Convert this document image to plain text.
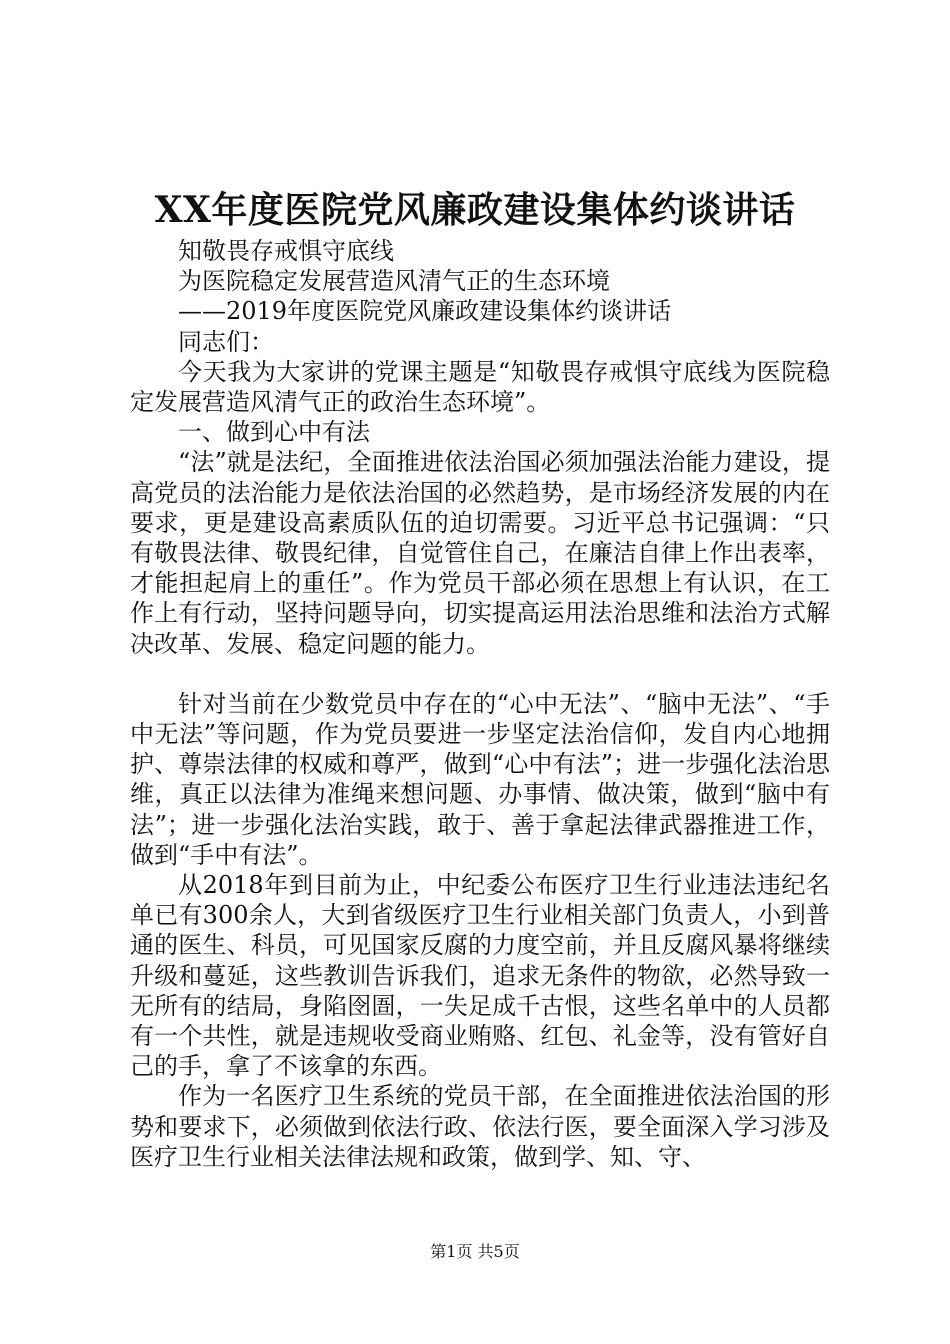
XX年度医院党风廉政建设集体约谈讲话

知敬畏存戒惧守底线

为医院稳定发展营造风清气正的生态环境

——2019年度医院党风廉政建设集体约谈讲话

同志们：

今天我为大家讲的党课主题是“知敬畏存戒惧守底线为医院稳定发展营造风清气正的政治生态环境”。

一、做到心中有法

“法”就是法纪，全面推进依法治国必须加强法治能力建设，提高党员的法治能力是依法治国的必然趋势，是市场经济发展的内在要求，更是建设高素质队伍的迫切需要。习近平总书记强调：“只有敬畏法律、敬畏纪律，自觉管住自己，在廉洁自律上作出表率，才能担起肩上的重任”。作为党员干部必须在思想上有认识，在工作上有行动，坚持问题导向，切实提高运用法治思维和法治方式解决改革、发展、稳定问题的能力。

针对当前在少数党员中存在的“心中无法”、“脑中无法”、“手中无法”等问题，作为党员要进一步坚定法治信仰，发自内心地拥护、尊崇法律的权威和尊严，做到“心中有法”；进一步强化法治思维，真正以法律为准绳来想问题、办事情、做决策，做到“脑中有法”；进一步强化法治实践，敢于、善于拿起法律武器推进工作，做到“手中有法”。

从2018年到目前为止，中纪委公布医疗卫生行业违法违纪名单已有300余人，大到省级医疗卫生行业相关部门负责人，小到普通的医生、科员，可见国家反腐的力度空前，并且反腐风暴将继续升级和蔓延，这些教训告诉我们，追求无条件的物欲，必然导致一无所有的结局，身陷囹圄，一失足成千古恨，这些名单中的人员都有一个共性，就是违规收受商业贿赂、红包、礼金等，没有管好自己的手，拿了不该拿的东西。

作为一名医疗卫生系统的党员干部，在全面推进依法治国的形势和要求下，必须做到依法行政、依法行医，要全面深入学习涉及医疗卫生行业相关法律法规和政策，做到学、知、守、

第1页 共5页
